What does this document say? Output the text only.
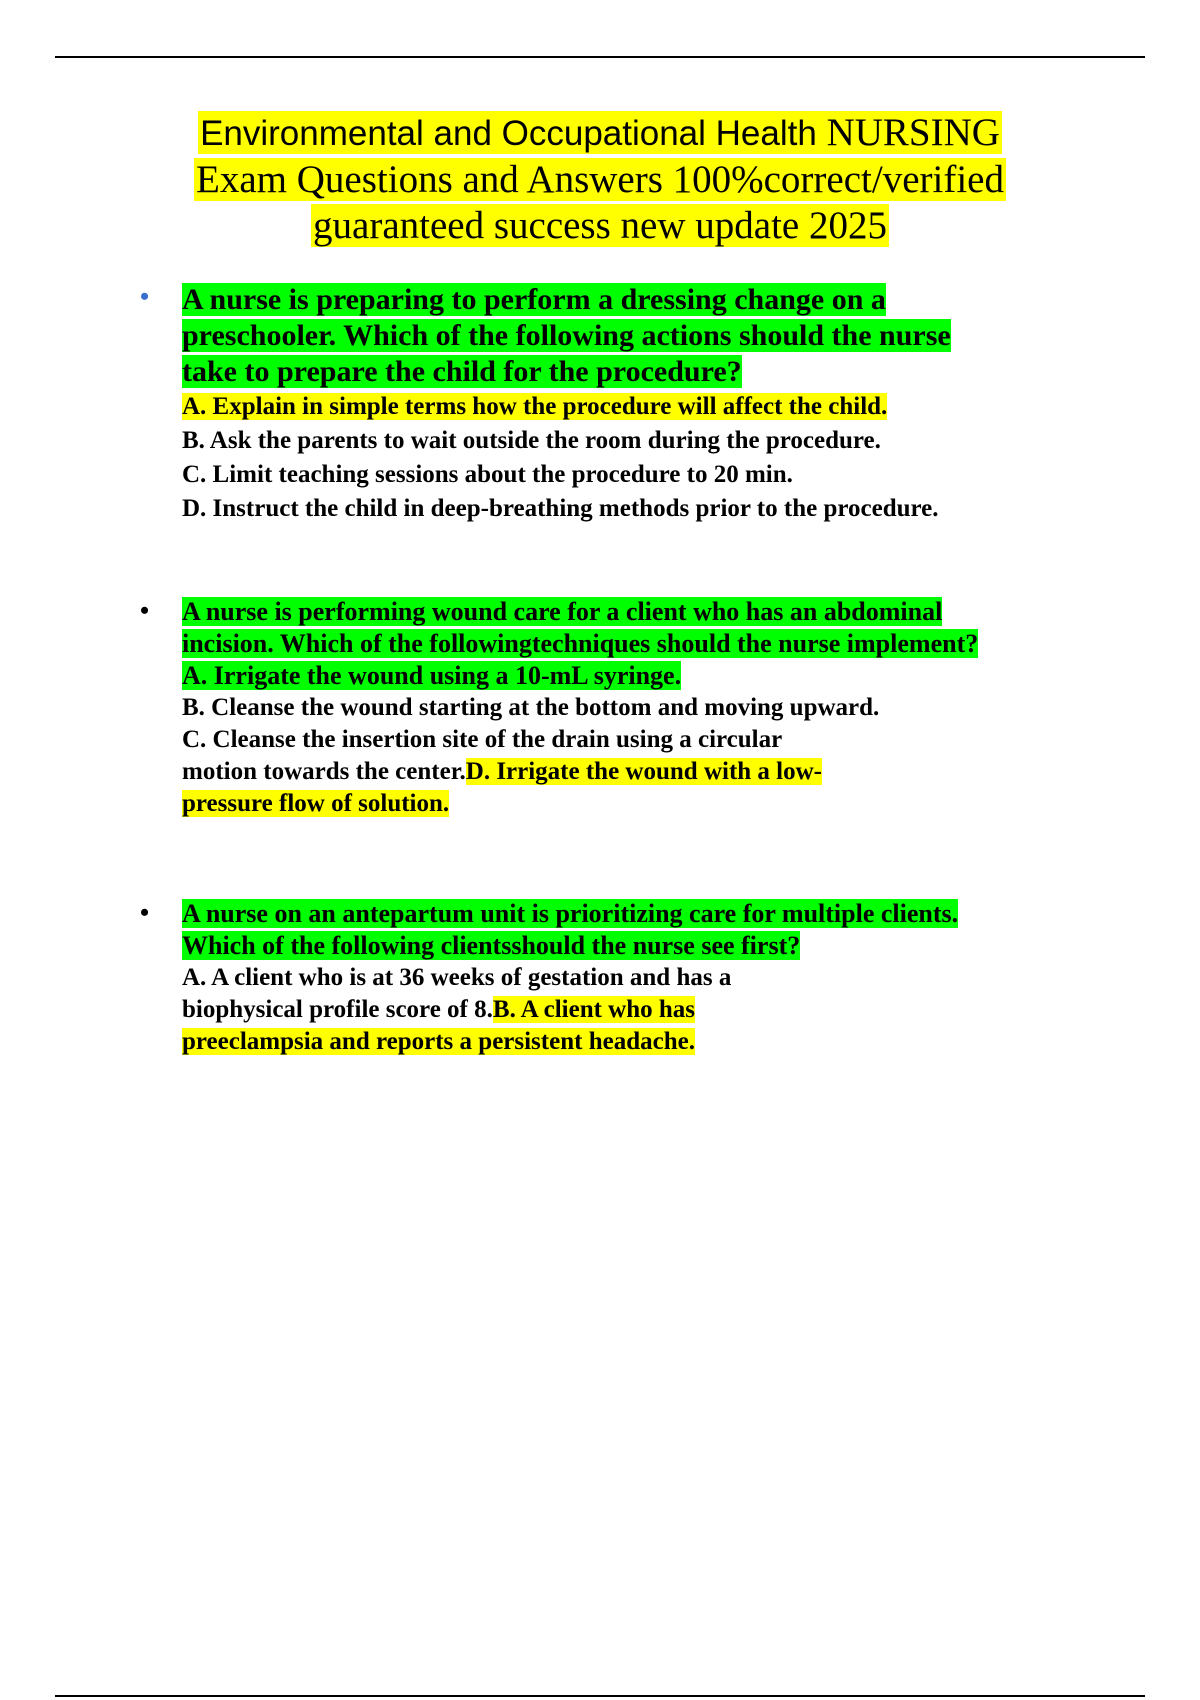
Environmental and Occupational Health NURSING
Exam Questions and Answers 100%correct/verified
guaranteed success new update 2025
• A nurse is preparing to perform a dressing change on a
preschooler. Which of the following actions should the nurse
take to prepare the child for the procedure?
A. Explain in simple terms how the procedure will affect the child.
B. Ask the parents to wait outside the room during the procedure.
C. Limit teaching sessions about the procedure to 20 min.
D. Instruct the child in deep-breathing methods prior to the procedure.
• A nurse is performing wound care for a client who has an abdominal
incision. Which of the followingtechniques should the nurse implement?
A. Irrigate the wound using a 10-mL syringe.
B. Cleanse the wound starting at the bottom and moving upward.
C. Cleanse the insertion site of the drain using a circular
motion towards the center.D. Irrigate the wound with a low-
pressure flow of solution.
• A nurse on an antepartum unit is prioritizing care for multiple clients.
Which of the following clientsshould the nurse see first?
A. A client who is at 36 weeks of gestation and has a
biophysical profile score of 8.B. A client who has
preeclampsia and reports a persistent headache.
